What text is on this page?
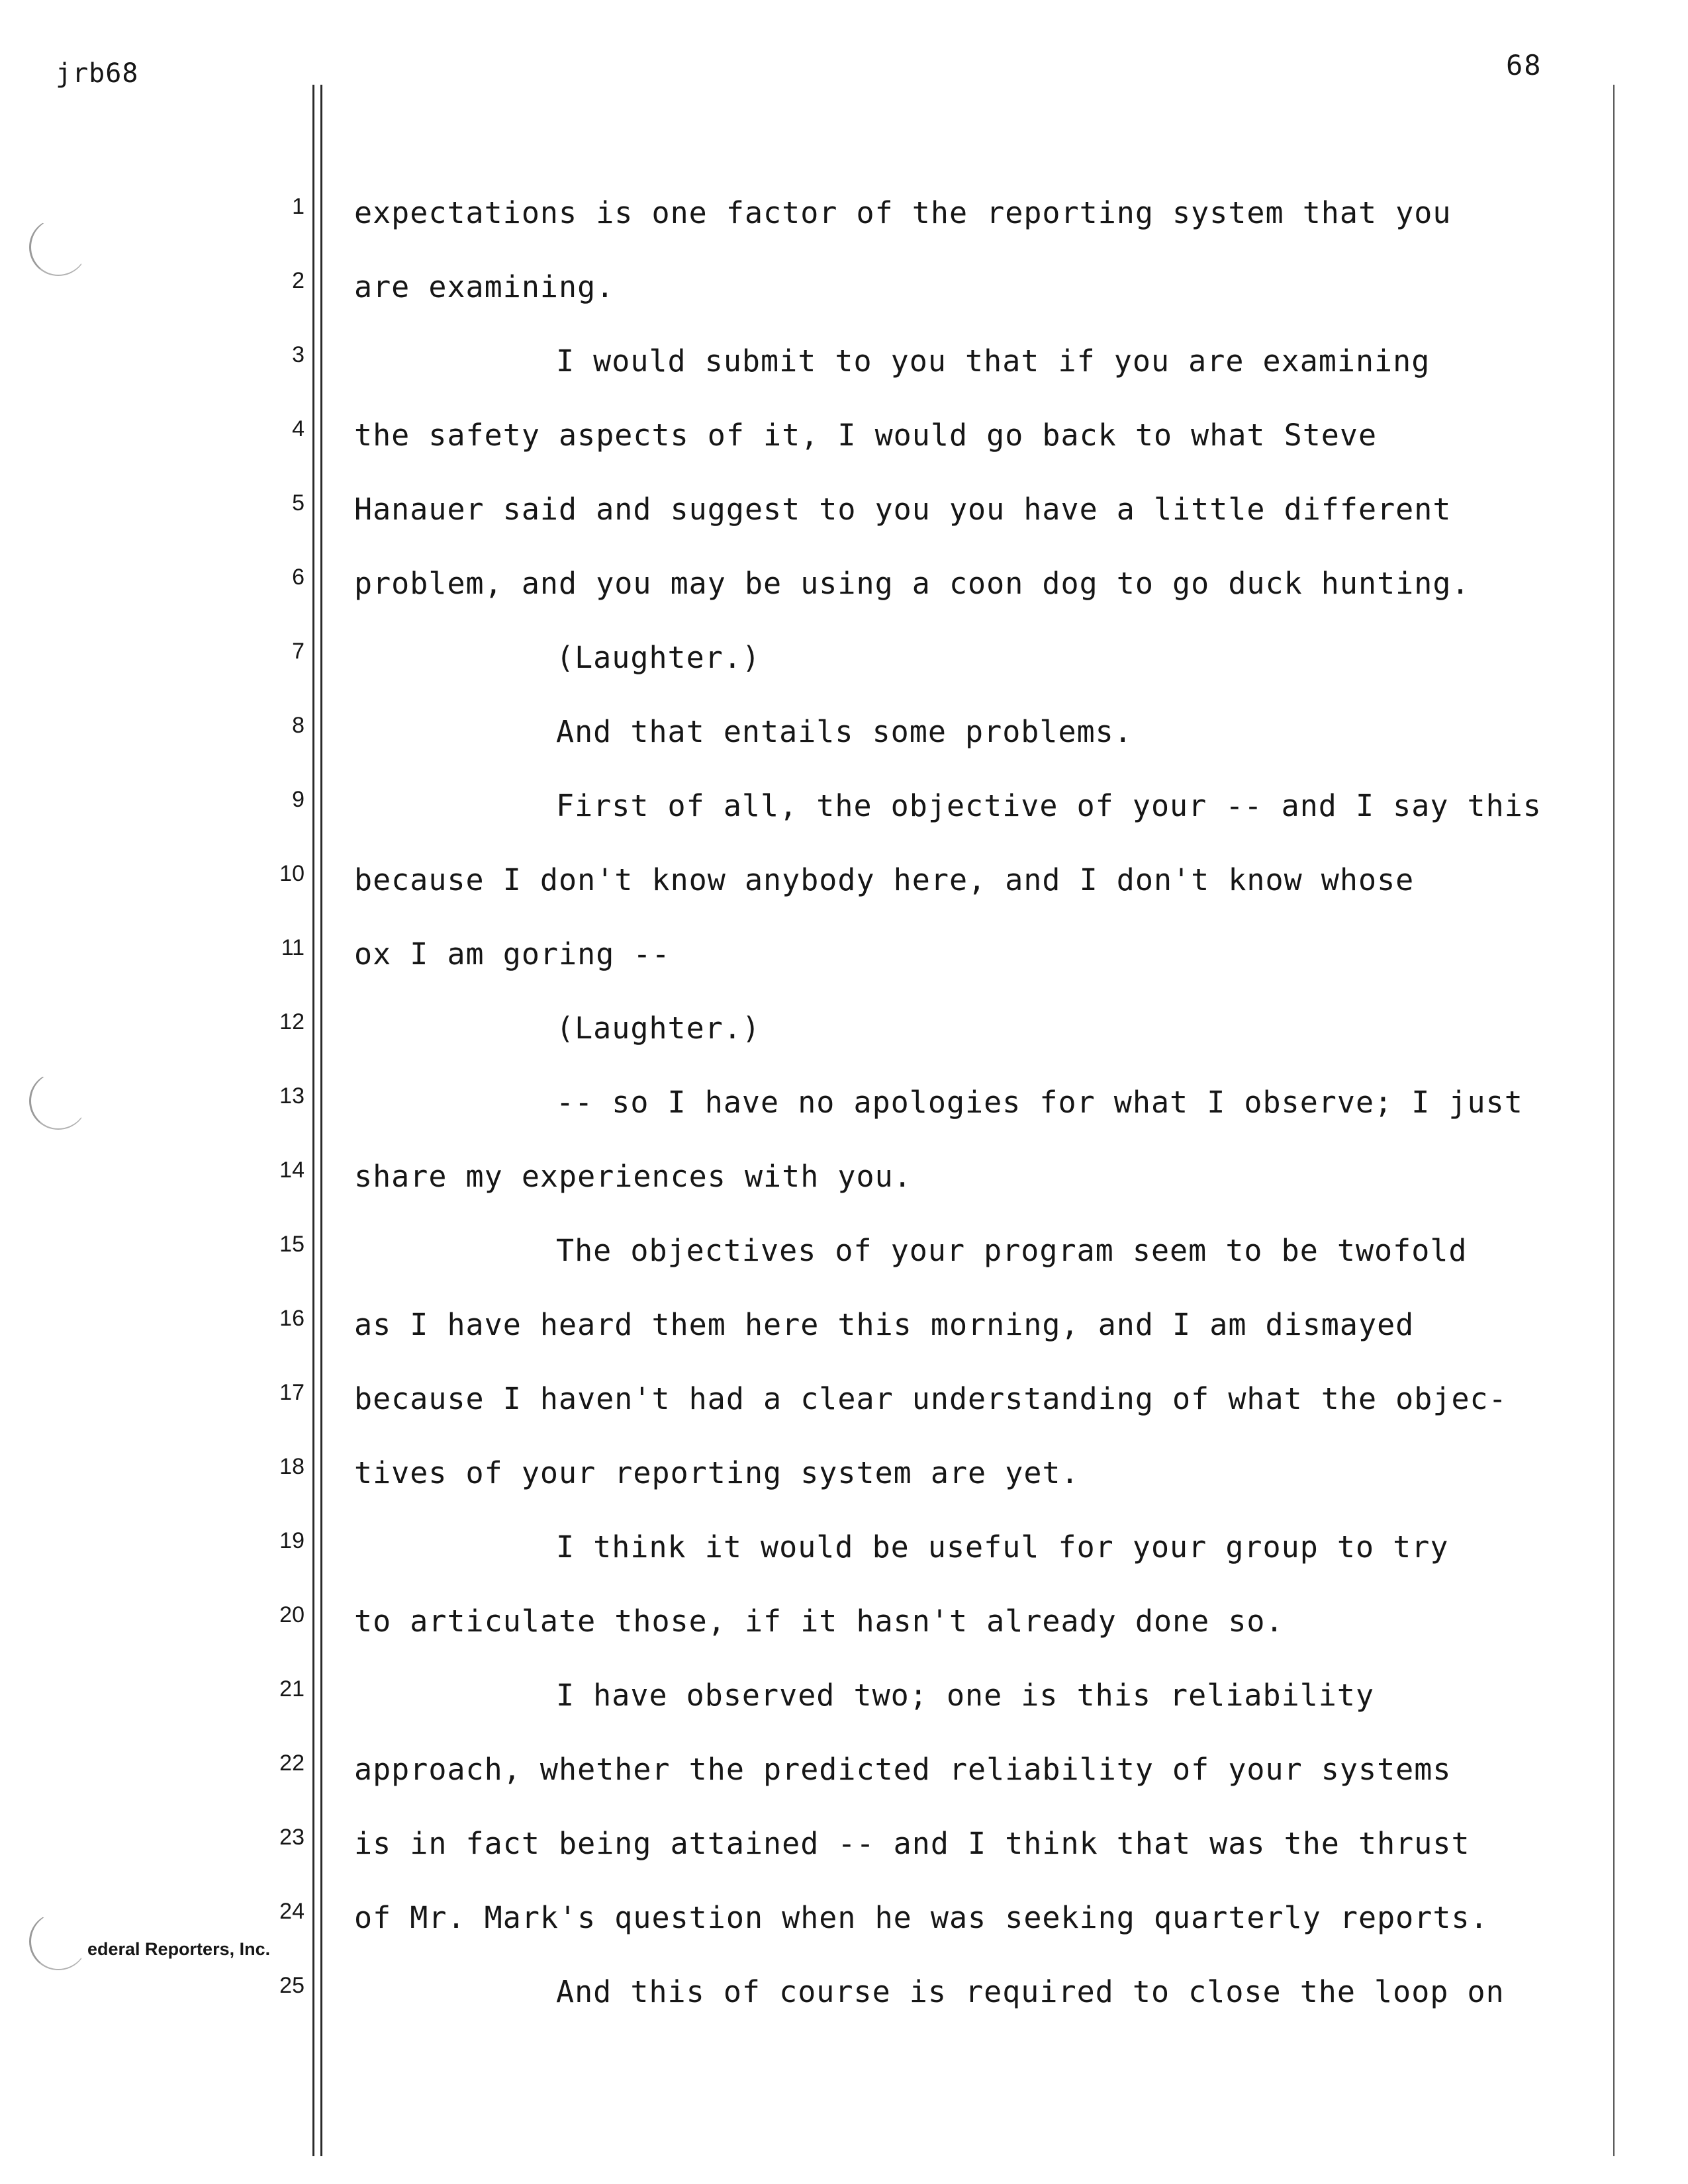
jrb68	68
1
2
3
4
5
6
7
8
9
10
11
12
13
14
15
16
17
18
19
20
21
22
23
24
25
expectations is one factor of the reporting system that you
are examining.
I would submit to you that if you are examining
the safety aspects of it, I would go back to what Steve
Hanauer said and suggest to you you have a little different
problem, and you may be using a coon dog to go duck hunting.
(Laughter.)
And that entails some problems.
First of all, the objective of your -- and I say this
because I don't know anybody here, and I don't know whose
ox I am goring --
(Laughter.)
-- so I have no apologies for what I observe; I just
share my experiences with you.
The objectives of your program seem to be twofold
as I have heard them here this morning, and I am dismayed
because I haven't had a clear understanding of what the objec-
tives of your reporting system are yet.
I think it would be useful for your group to try
to articulate those, if it hasn't already done so.
I have observed two; one is this reliability
approach, whether the predicted reliability of your systems
is in fact being attained -- and I think that was the thrust
of Mr. Mark's question when he was seeking quarterly reports.
And this of course is required to close the loop on
ederal Reporters, Inc.
